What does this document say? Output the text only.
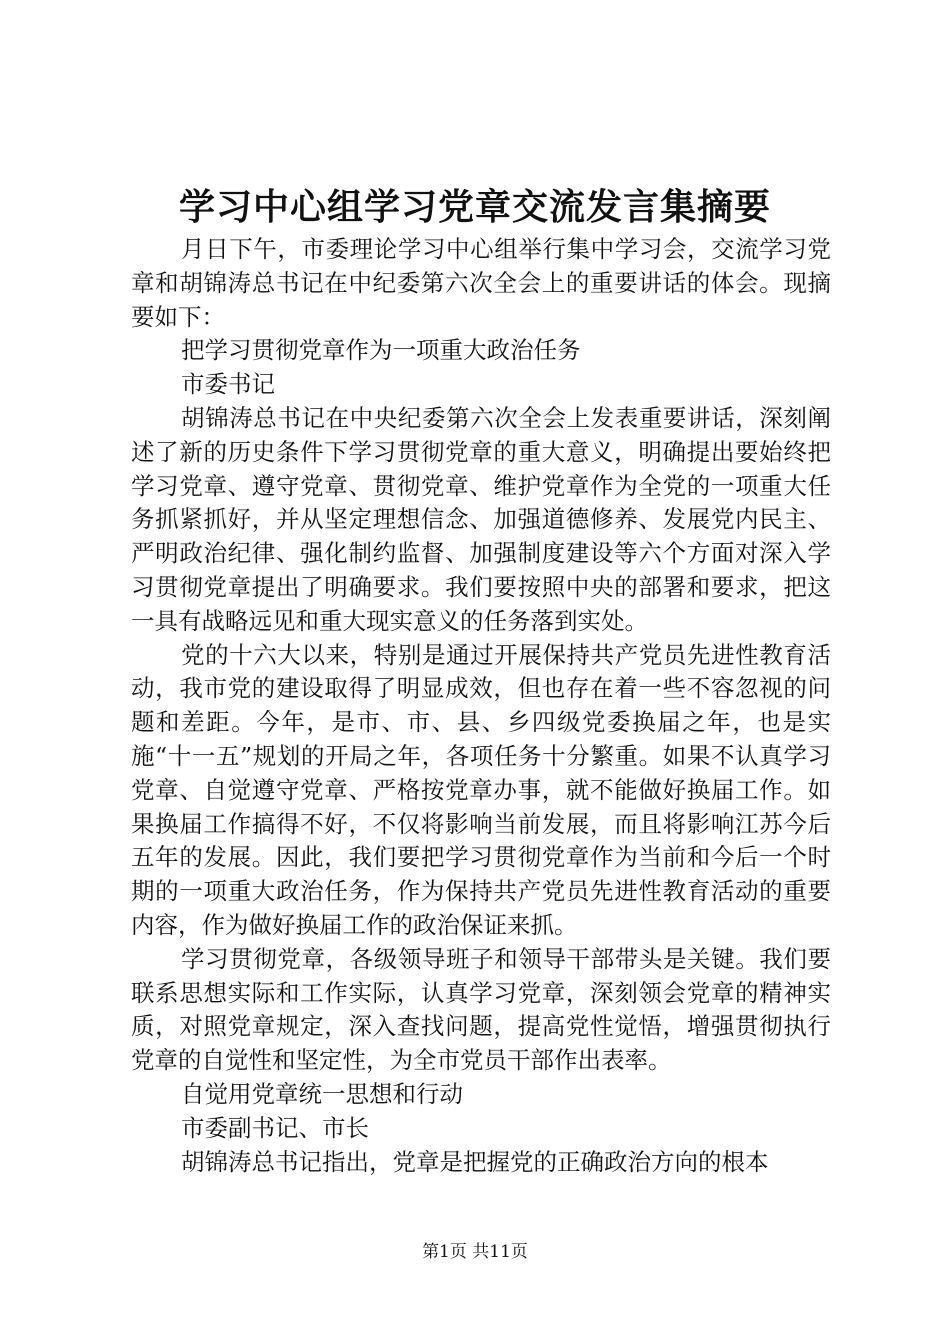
学习中心组学习党章交流发言集摘要

月日下午，市委理论学习中心组举行集中学习会，交流学习党章和胡锦涛总书记在中纪委第六次全会上的重要讲话的体会。现摘要如下：

把学习贯彻党章作为一项重大政治任务

市委书记

胡锦涛总书记在中央纪委第六次全会上发表重要讲话，深刻阐述了新的历史条件下学习贯彻党章的重大意义，明确提出要始终把学习党章、遵守党章、贯彻党章、维护党章作为全党的一项重大任务抓紧抓好，并从坚定理想信念、加强道德修养、发展党内民主、严明政治纪律、强化制约监督、加强制度建设等六个方面对深入学习贯彻党章提出了明确要求。我们要按照中央的部署和要求，把这一具有战略远见和重大现实意义的任务落到实处。

党的十六大以来，特别是通过开展保持共产党员先进性教育活动，我市党的建设取得了明显成效，但也存在着一些不容忽视的问题和差距。今年，是市、市、县、乡四级党委换届之年，也是实施“十一五”规划的开局之年，各项任务十分繁重。如果不认真学习党章、自觉遵守党章、严格按党章办事，就不能做好换届工作。如果换届工作搞得不好，不仅将影响当前发展，而且将影响江苏今后五年的发展。因此，我们要把学习贯彻党章作为当前和今后一个时期的一项重大政治任务，作为保持共产党员先进性教育活动的重要内容，作为做好换届工作的政治保证来抓。

学习贯彻党章，各级领导班子和领导干部带头是关键。我们要联系思想实际和工作实际，认真学习党章，深刻领会党章的精神实质，对照党章规定，深入查找问题，提高党性觉悟，增强贯彻执行党章的自觉性和坚定性，为全市党员干部作出表率。

自觉用党章统一思想和行动

市委副书记、市长

胡锦涛总书记指出，党章是把握党的正确政治方向的根本

第1页 共11页
